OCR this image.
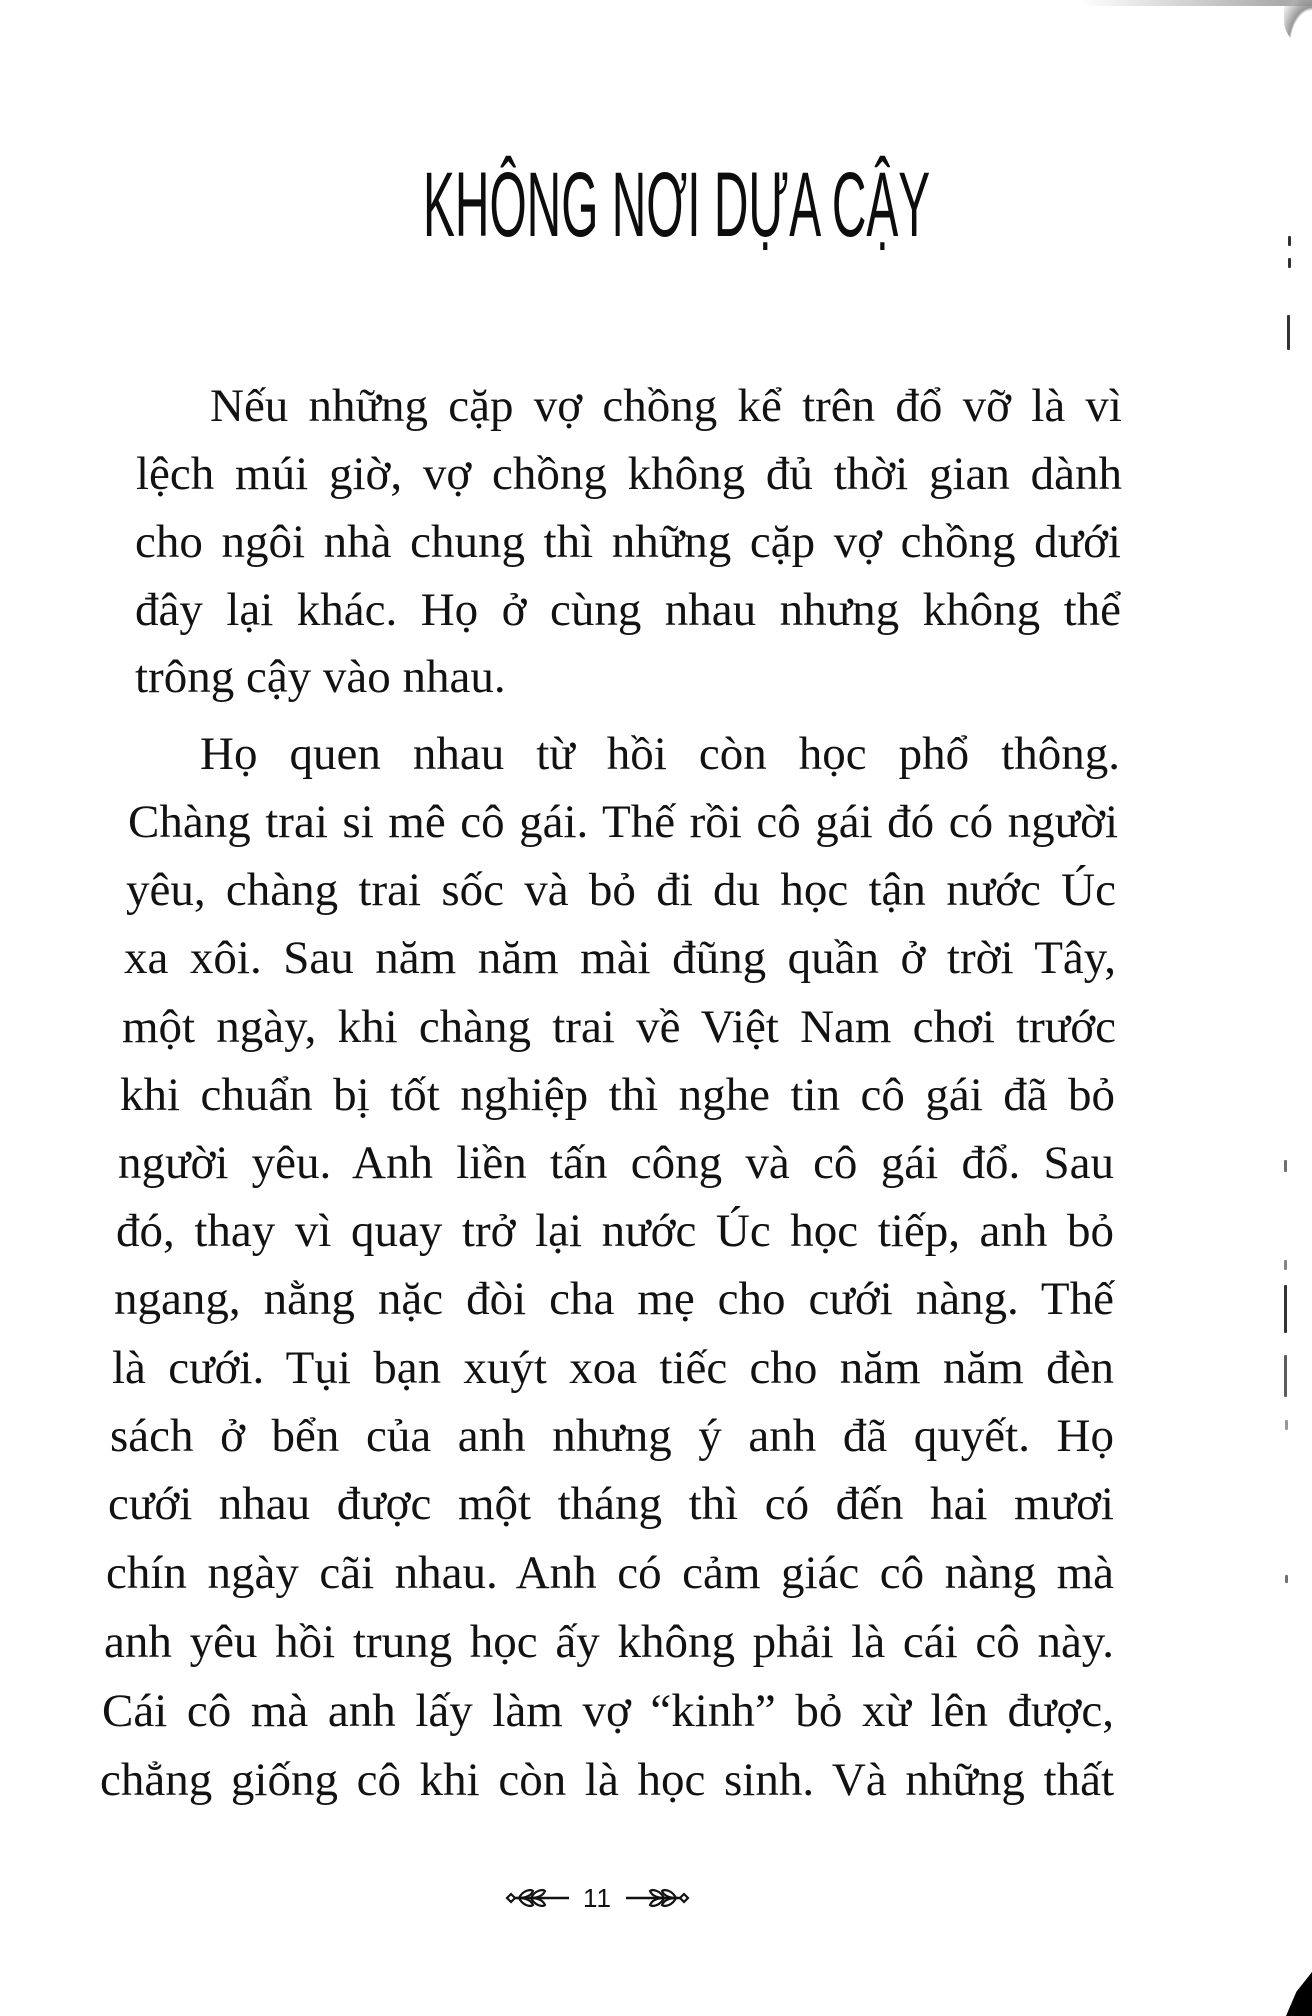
KHÔNG NƠI DỰA CẬY

Nếu những cặp vợ chồng kể trên đổ vỡ là vì

lệch múi giờ, vợ chồng không đủ thời gian dành

cho ngôi nhà chung thì những cặp vợ chồng dưới

đây lại khác. Họ ở cùng nhau nhưng không thể

trông cậy vào nhau.

Họ quen nhau từ hồi còn học phổ thông.

Chàng trai si mê cô gái. Thế rồi cô gái đó có người

yêu, chàng trai sốc và bỏ đi du học tận nước Úc

xa xôi. Sau năm năm mài đũng quần ở trời Tây,

một ngày, khi chàng trai về Việt Nam chơi trước

khi chuẩn bị tốt nghiệp thì nghe tin cô gái đã bỏ

người yêu. Anh liền tấn công và cô gái đổ. Sau

đó, thay vì quay trở lại nước Úc học tiếp, anh bỏ

ngang, nằng nặc đòi cha mẹ cho cưới nàng. Thế

là cưới. Tụi bạn xuýt xoa tiếc cho năm năm đèn

sách ở bển của anh nhưng ý anh đã quyết. Họ

cưới nhau được một tháng thì có đến hai mươi

chín ngày cãi nhau. Anh có cảm giác cô nàng mà

anh yêu hồi trung học ấy không phải là cái cô này.

Cái cô mà anh lấy làm vợ “kinh” bỏ xừ lên được,

chẳng giống cô khi còn là học sinh. Và những thất

11
